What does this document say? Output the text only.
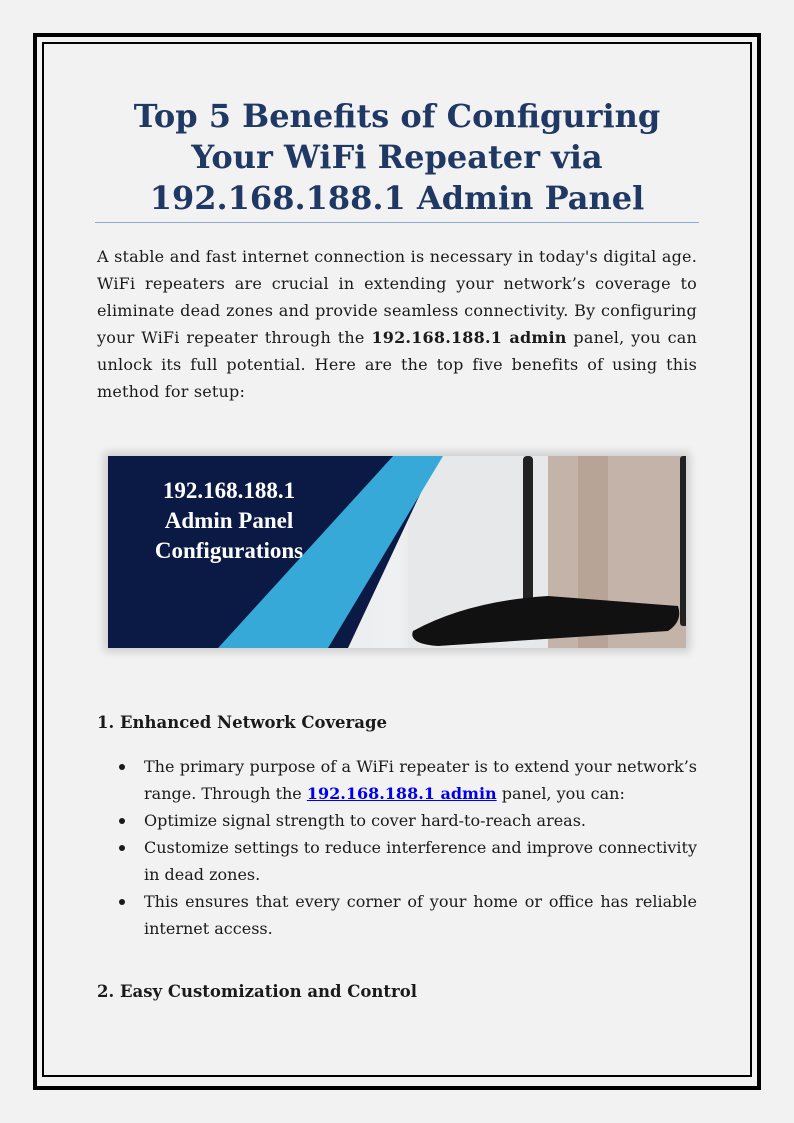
Top 5 Benefits of Configuring Your WiFi Repeater via 192.168.188.1 Admin Panel

A stable and fast internet connection is necessary in today's digital age. WiFi repeaters are crucial in extending your network’s coverage to eliminate dead zones and provide seamless connectivity. By configuring your WiFi repeater through the 192.168.188.1 admin panel, you can unlock its full potential. Here are the top five benefits of using this method for setup:

192.168.188.1
Admin Panel
Configurations
1. Enhanced Network Coverage
The primary purpose of a WiFi repeater is to extend your network’s range. Through the 192.168.188.1 admin panel, you can:
Optimize signal strength to cover hard-to-reach areas.
Customize settings to reduce interference and improve connectivity in dead zones.
This ensures that every corner of your home or office has reliable internet access.
2. Easy Customization and Control
